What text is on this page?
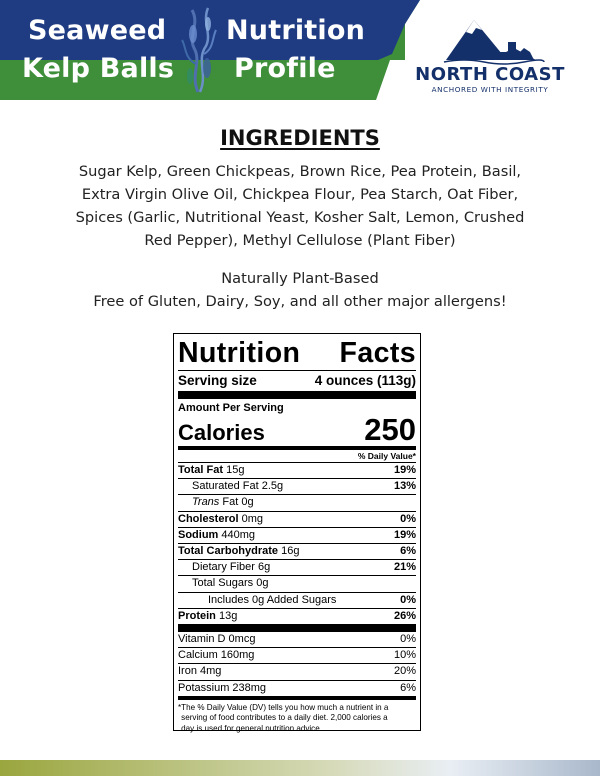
Seaweed Nutrition
Kelp Balls Profile	NORTH COAST
ANCHORED WITH INTEGRITY
INGREDIENTS
Sugar Kelp, Green Chickpeas, Brown Rice, Pea Protein, Basil,
Extra Virgin Olive Oil, Chickpea Flour, Pea Starch, Oat Fiber,
Spices (Garlic, Nutritional Yeast, Kosher Salt, Lemon, Crushed
Red Pepper), Methyl Cellulose (Plant Fiber)
Naturally Plant-Based
Free of Gluten, Dairy, Soy, and all other major allergens!
Nutrition Facts
Serving size	4 ounces (113g)
Amount Per Serving
Calories	250
% Daily Value*
Total Fat 15g	19%
Saturated Fat 2.5g	13%
Trans Fat 0g
Cholesterol 0mg	0%
Sodium 440mg	19%
Total Carbohydrate 16g	6%
Dietary Fiber 6g	21%
Total Sugars 0g
Includes 0g Added Sugars	0%
Protein 13g	26%
Vitamin D 0mcg	0%
Calcium 160mg	10%
Iron 4mg	20%
Potassium 238mg	6%
* The % Daily Value (DV) tells you how much a nutrient in a
serving of food contributes to a daily diet. 2,000 calories a
day is used for general nutrition advice.
